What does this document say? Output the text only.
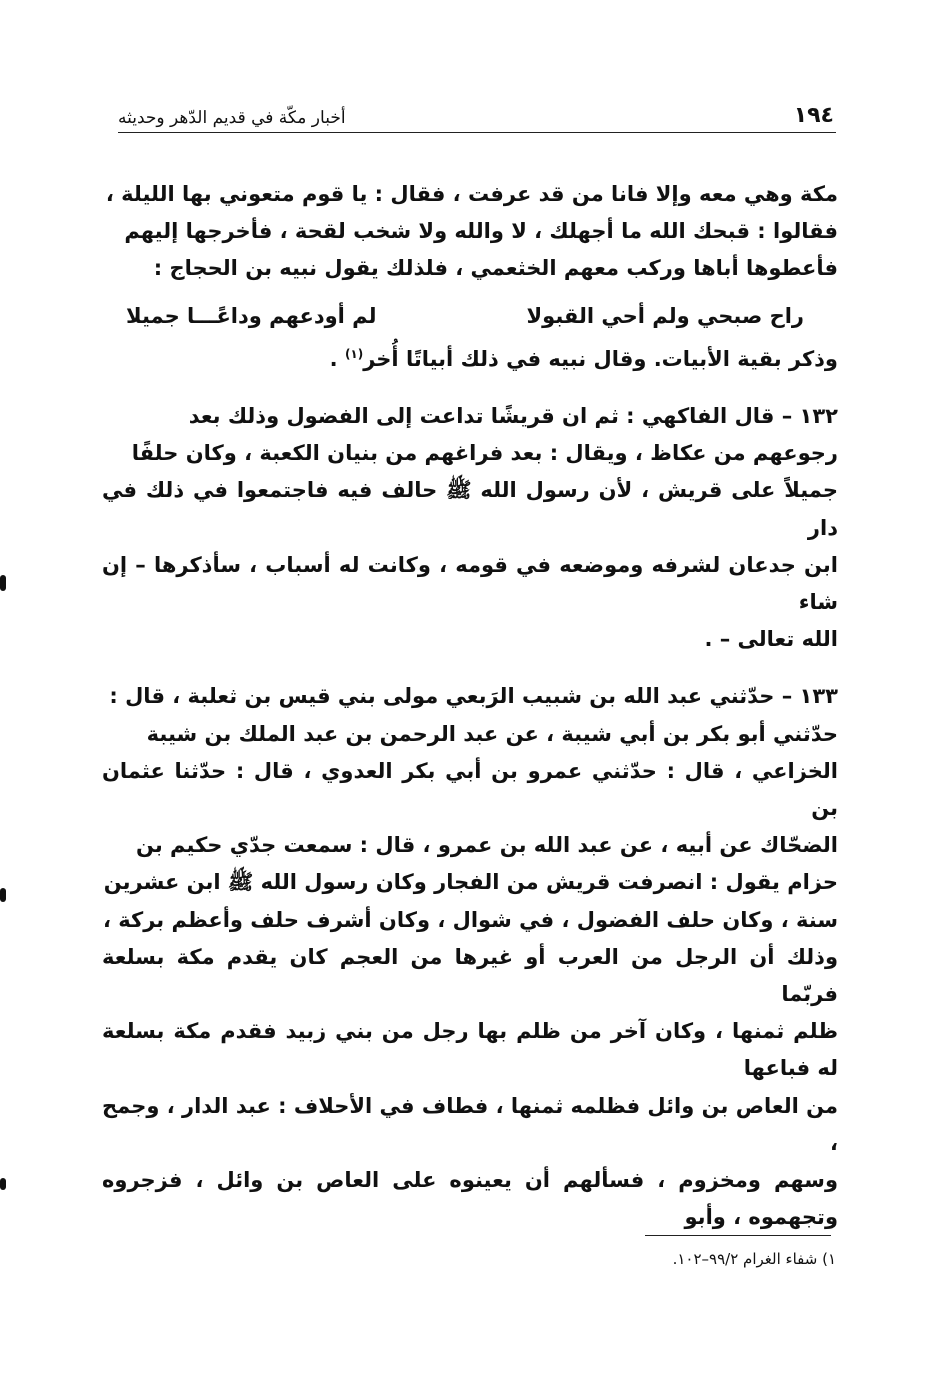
١٩٤
أخبار مكّة في قديم الدّهر وحديثه
مكة وهي معه وإلا فانا من قد عرفت ، فقال : يا قوم متعوني بها الليلة ،
فقالوا : قبحك الله ما أجهلك ، لا والله ولا شخب لقحة ، فأخرجها إليهم
فأعطوها أباها وركب معهم الخثعمي ، فلذلك يقول نبيه بن الحجاج :
راح صبحي ولم أحي القبولا
لم أودعهم وداعًـــا جميلا
وذكر بقية الأبيات. وقال نبيه في ذلك أبياتًا أُخر$^{(١)}$ .
١٣٢ – قال الفاكهي : ثم ان قريشًا تداعت إلى الفضول وذلك بعد
رجوعهم من عكاظ ، ويقال : بعد فراغهم من بنيان الكعبة ، وكان حلفًا
جميلاً على قريش ، لأن رسول الله ﷺ حالف فيه فاجتمعوا في ذلك في دار
ابن جدعان لشرفه وموضعه في قومه ، وكانت له أسباب ، سأذكرها – إن شاء
الله تعالى – .
١٣٣ – حدّثني عبد الله بن شبيب الرَبعي مولى بني قيس بن ثعلبة ، قال :
حدّثني أبو بكر بن أبي شيبة ، عن عبد الرحمن بن عبد الملك بن شيبة
الخزاعي ، قال : حدّثني عمرو بن أبي بكر العدوي ، قال : حدّثنا عثمان بن
الضحّاك عن أبيه ، عن عبد الله بن عمرو ، قال : سمعت جدّي حكيم بن
حزام يقول : انصرفت قريش من الفجار وكان رسول الله ﷺ ابن عشرين
سنة ، وكان حلف الفضول ، في شوال ، وكان أشرف حلف وأعظم بركة ،
وذلك أن الرجل من العرب أو غيرها من العجم كان يقدم مكة بسلعة فربّما
ظلم ثمنها ، وكان آخر من ظلم بها رجل من بني زبيد فقدم مكة بسلعة له فباعها
من العاص بن وائل فظلمه ثمنها ، فطاف في الأحلاف : عبد الدار ، وجمح ،
وسهم ومخزوم ، فسألهم أن يعينوه على العاص بن وائل ، فزجروه وتجهموه ، وأبو
١) شفاء الغرام ٩٩/٢–١٠٢.
